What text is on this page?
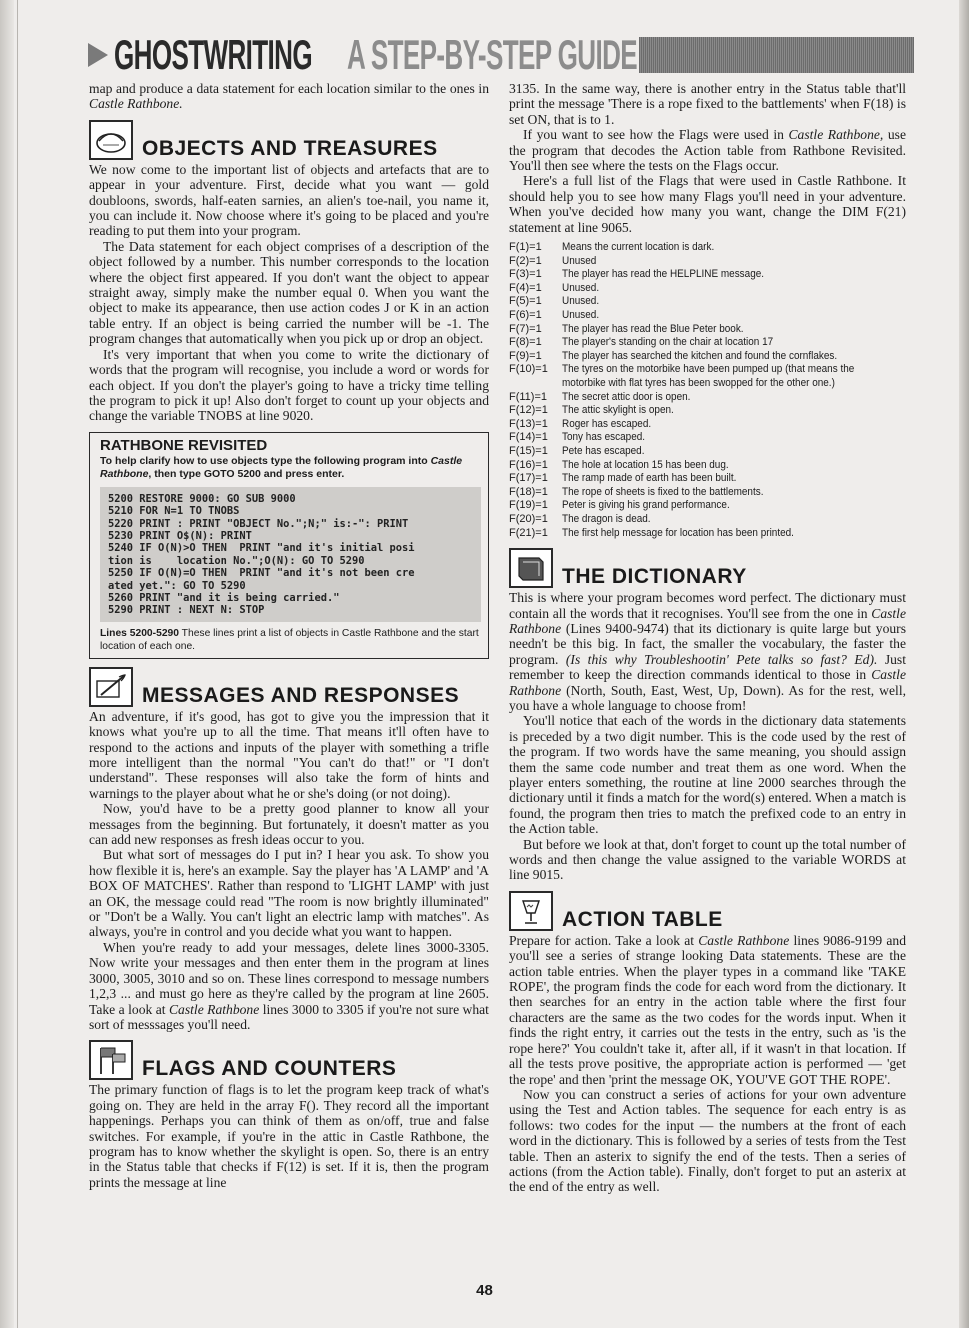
GHOSTWRITING A STEP-BY-STEP GUIDE

map and produce a data statement for each location similar to the ones in Castle Rathbone.

OBJECTS AND TREASURES

We now come to the important list of objects and artefacts that are to appear in your adventure. First, decide what you want — gold doubloons, swords, half-eaten sarnies, an alien's toe-nail, you name it, you can include it. Now choose where it's going to be placed and you're reading to put them into your program.

The Data statement for each object comprises of a description of the object followed by a number. This number corresponds to the location where the object first appeared. If you don't want the object to appear straight away, simply make the number equal 0. When you want the object to make its appearance, then use action codes J or K in an action table entry. If an object is being carried the number will be -1. The program changes that automatically when you pick up or drop an object.

It's very important that when you come to write the dictionary of words that the program will recognise, you include a word or words for each object. If you don't the player's going to have a tricky time telling the program to pick it up! Also don't forget to count up your objects and change the variable TNOBS at line 9020.

RATHBONE REVISITED
To help clarify how to use objects type the following program into Castle Rathbone, then type GOTO 5200 and press enter.
5200 RESTORE 9000: GO SUB 9000
5210 FOR N=1 TO TNOBS
5220 PRINT : PRINT "OBJECT No.";N;" is:-": PRINT
5230 PRINT O$(N): PRINT
5240 IF O(N)>O THEN  PRINT "and it's initial posi
tion is    location No.";O(N): GO TO 5290
5250 IF O(N)=O THEN  PRINT "and it's not been cre
ated yet.": GO TO 5290
5260 PRINT "and it is being carried."
5290 PRINT : NEXT N: STOP
Lines 5200-5290 These lines print a list of objects in Castle Rathbone and the start location of each one.
MESSAGES AND RESPONSES

An adventure, if it's good, has got to give you the impression that it knows what you're up to all the time. That means it'll often have to respond to the actions and inputs of the player with something a trifle more intelligent than the normal "You can't do that!" or "I don't understand". These responses will also take the form of hints and warnings to the player about what he or she's doing (or not doing).

Now, you'd have to be a pretty good planner to know all your messages from the beginning. But fortunately, it doesn't matter as you can add new responses as fresh ideas occur to you.

But what sort of messages do I put in? I hear you ask. To show you how flexible it is, here's an example. Say the player has 'A LAMP' and 'A BOX OF MATCHES'. Rather than respond to 'LIGHT LAMP' with just an OK, the message could read "The room is now brightly illuminated" or "Don't be a Wally. You can't light an electric lamp with matches". As always, you're in control and you decide what you want to happen.

When you're ready to add your messages, delete lines 3000-3305. Now write your messages and then enter them in the program at lines 3000, 3005, 3010 and so on. These lines correspond to message numbers 1,2,3 ... and must go here as they're called by the program at line 2605. Take a look at Castle Rathbone lines 3000 to 3305 if you're not sure what sort of messsages you'll need.

FLAGS AND COUNTERS

The primary function of flags is to let the program keep track of what's going on. They are held in the array F(). They record all the important happenings. Perhaps you can think of them as on/off, true and false switches. For example, if you're in the attic in Castle Rathbone, the program has to know whether the skylight is open. So, there is an entry in the Status table that checks if F(12) is set. If it is, then the program prints the message at line

3135. In the same way, there is another entry in the Status table that'll print the message 'There is a rope fixed to the battlements' when F(18) is set ON, that is to 1.

If you want to see how the Flags were used in Castle Rathbone, use the program that decodes the Action table from Rathbone Revisited. You'll then see where the tests on the Flags occur.

Here's a full list of the Flags that were used in Castle Rathbone. It should help you to see how many Flags you'll need in your adventure. When you've decided how many you want, change the DIM F(21) statement at line 9065.

F(1)=1	Means the current location is dark.
F(2)=1	Unused
F(3)=1	The player has read the HELPLINE message.
F(4)=1	Unused.
F(5)=1	Unused.
F(6)=1	Unused.
F(7)=1	The player has read the Blue Peter book.
F(8)=1	The player's standing on the chair at location 17
F(9)=1	The player has searched the kitchen and found the cornflakes.
F(10)=1	The tyres on the motorbike have been pumped up (that means the motorbike with flat tyres has been swopped for the other one.)
F(11)=1	The secret attic door is open.
F(12)=1	The attic skylight is open.
F(13)=1	Roger has escaped.
F(14)=1	Tony has escaped.
F(15)=1	Pete has escaped.
F(16)=1	The hole at location 15 has been dug.
F(17)=1	The ramp made of earth has been built.
F(18)=1	The rope of sheets is fixed to the battlements.
F(19)=1	Peter is giving his grand performance.
F(20)=1	The dragon is dead.
F(21)=1	The first help message for location has been printed.
THE DICTIONARY

This is where your program becomes word perfect. The dictionary must contain all the words that it recognises. You'll see from the one in Castle Rathbone (Lines 9400-9474) that its dictionary is quite large but yours needn't be this big. In fact, the smaller the vocabulary, the faster the program. (Is this why Troubleshootin' Pete talks so fast? Ed). Just remember to keep the direction commands identical to those in Castle Rathbone (North, South, East, West, Up, Down). As for the rest, well, you have a whole language to choose from!

You'll notice that each of the words in the dictionary data statements is preceded by a two digit number. This is the code used by the rest of the program. If two words have the same meaning, you should assign them the same code number and treat them as one word. When the player enters something, the routine at line 2000 searches through the dictionary until it finds a match for the word(s) entered. When a match is found, the program then tries to match the prefixed code to an entry in the Action table.

But before we look at that, don't forget to count up the total number of words and then change the value assigned to the variable WORDS at line 9015.

ACTION TABLE

Prepare for action. Take a look at Castle Rathbone lines 9086-9199 and you'll see a series of strange looking Data statements. These are the action table entries. When the player types in a command like 'TAKE ROPE', the program finds the code for each word from the dictionary. It then searches for an entry in the action table where the first four characters are the same as the two codes for the words input. When it finds the right entry, it carries out the tests in the entry, such as 'is the rope here?' You couldn't take it, after all, if it wasn't in that location. If all the tests prove positive, the appropriate action is performed — 'get the rope' and then 'print the message OK, YOU'VE GOT THE ROPE'.

Now you can construct a series of actions for your own adventure using the Test and Action tables. The sequence for each entry is as follows: two codes for the input — the numbers at the front of each word in the dictionary. This is followed by a series of tests from the Test table. Then an asterix to signify the end of the tests. Then a series of actions (from the Action table). Finally, don't forget to put an asterix at the end of the entry as well.

48
